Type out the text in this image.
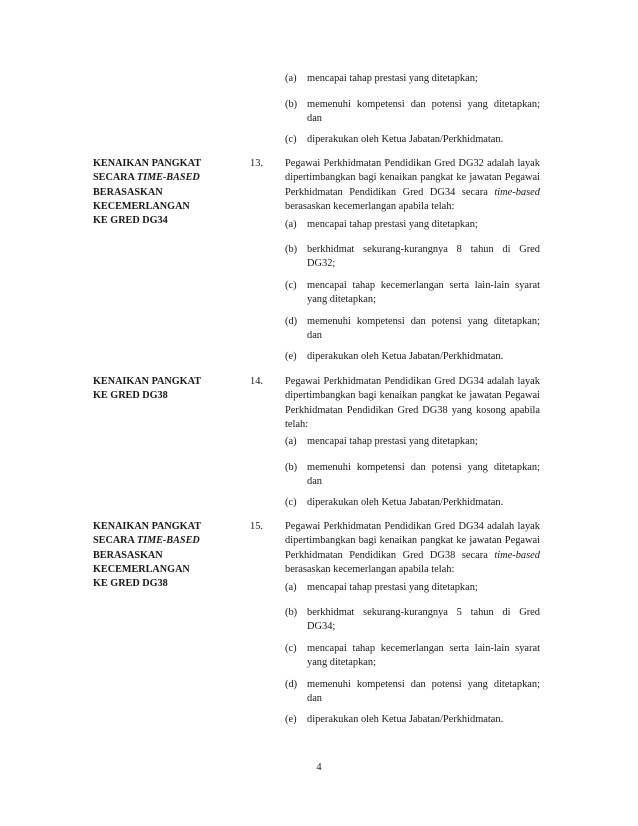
(a) mencapai tahap prestasi yang ditetapkan;
(b) memenuhi kompetensi dan potensi yang ditetapkan; dan
(c) diperakukan oleh Ketua Jabatan/Perkhidmatan.
KENAIKAN PANGKAT
SECARA TIME-BASED
BERASASKAN
KECEMERLANGAN
KE GRED DG34
13. Pegawai Perkhidmatan Pendidikan Gred DG32 adalah layak dipertimbangkan bagi kenaikan pangkat ke jawatan Pegawai Perkhidmatan Pendidikan Gred DG34 secara time-based berasaskan kecemerlangan apabila telah:
(a) mencapai tahap prestasi yang ditetapkan;
(b) berkhidmat sekurang-kurangnya 8 tahun di Gred DG32;
(c) mencapai tahap kecemerlangan serta lain-lain syarat yang ditetapkan;
(d) memenuhi kompetensi dan potensi yang ditetapkan; dan
(e) diperakukan oleh Ketua Jabatan/Perkhidmatan.
KENAIKAN PANGKAT
KE GRED DG38
14. Pegawai Perkhidmatan Pendidikan Gred DG34 adalah layak dipertimbangkan bagi kenaikan pangkat ke jawatan Pegawai Perkhidmatan Pendidikan Gred DG38 yang kosong apabila telah:
(a) mencapai tahap prestasi yang ditetapkan;
(b) memenuhi kompetensi dan potensi yang ditetapkan; dan
(c) diperakukan oleh Ketua Jabatan/Perkhidmatan.
KENAIKAN PANGKAT
SECARA TIME-BASED
BERASASKAN
KECEMERLANGAN
KE GRED DG38
15. Pegawai Perkhidmatan Pendidikan Gred DG34 adalah layak dipertimbangkan bagi kenaikan pangkat ke jawatan Pegawai Perkhidmatan Pendidikan Gred DG38 secara time-based berasaskan kecemerlangan apabila telah:
(a) mencapai tahap prestasi yang ditetapkan;
(b) berkhidmat sekurang-kurangnya 5 tahun di Gred DG34;
(c) mencapai tahap kecemerlangan serta lain-lain syarat yang ditetapkan;
(d) memenuhi kompetensi dan potensi yang ditetapkan; dan
(e) diperakukan oleh Ketua Jabatan/Perkhidmatan.
4
